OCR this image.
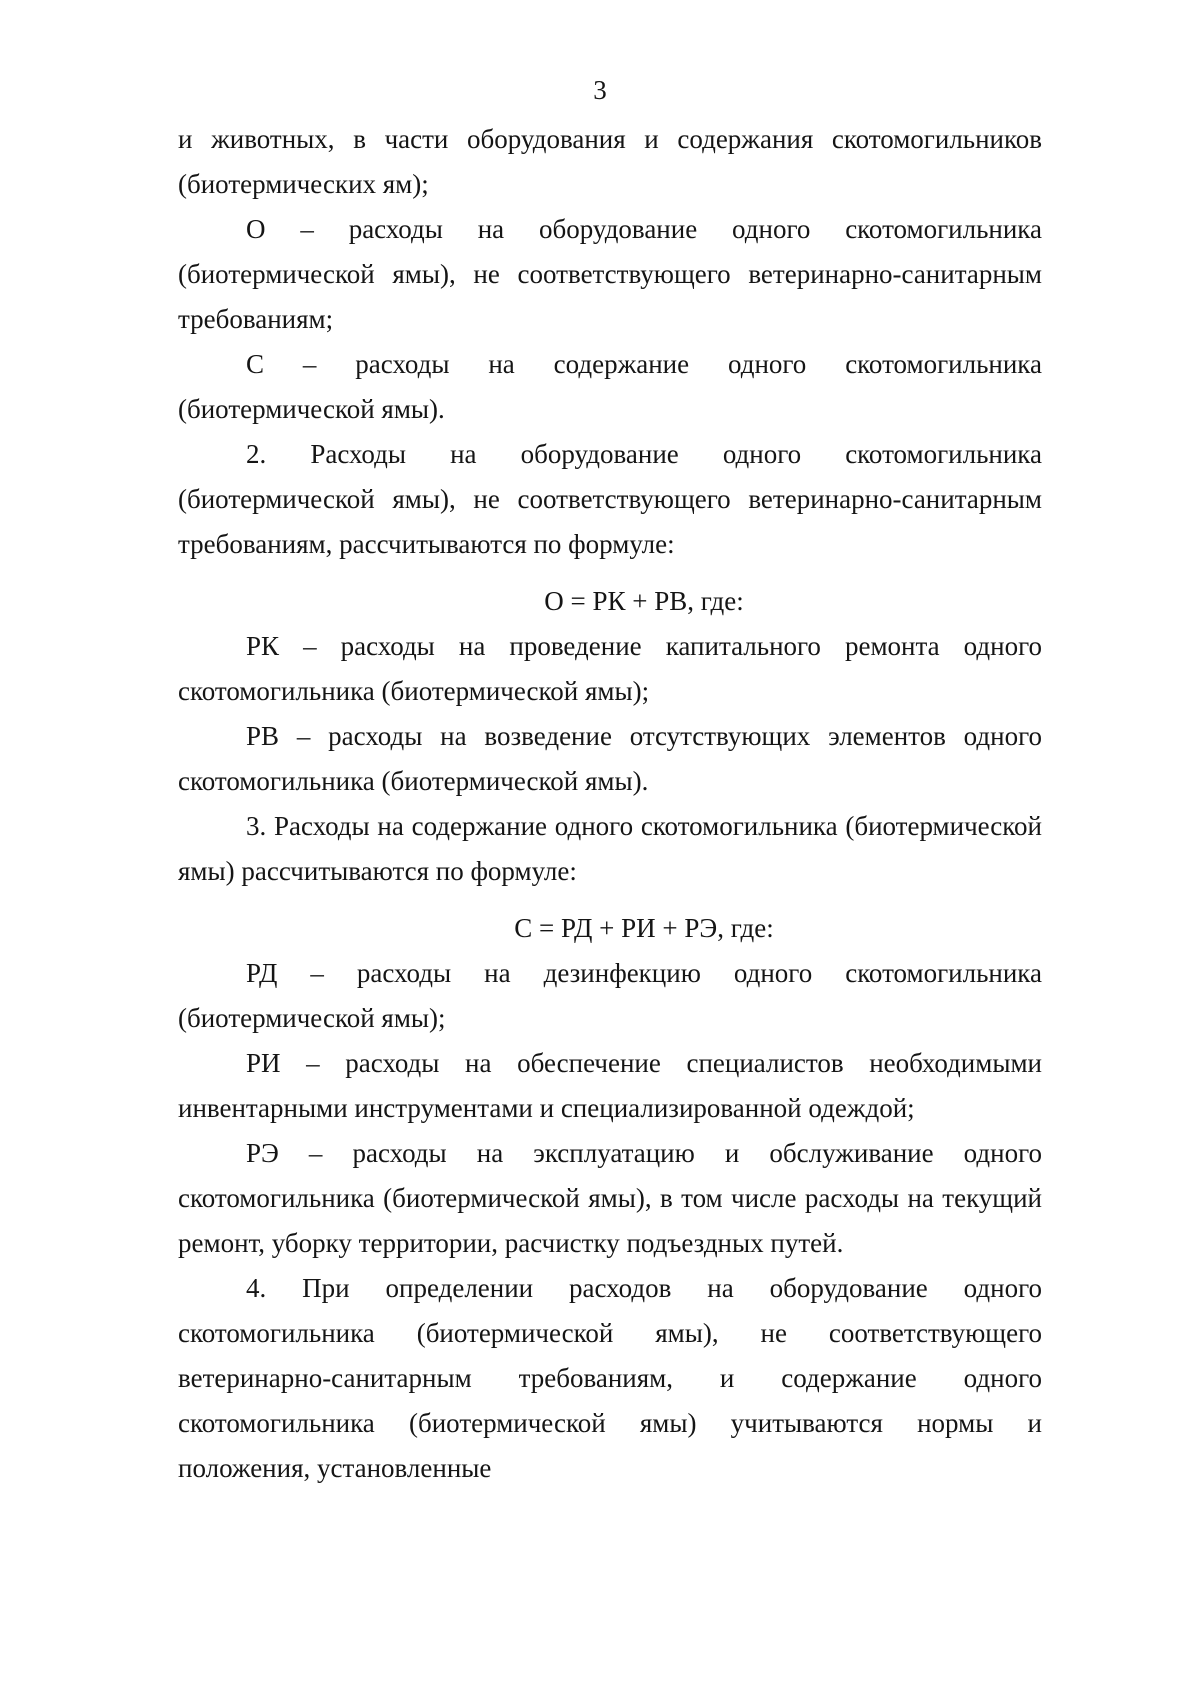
3

и животных, в части оборудования и содержания скотомогильников (биотермических ям);

О – расходы на оборудование одного скотомогильника (биотермической ямы), не соответствующего ветеринарно-санитарным требованиям;

С – расходы на содержание одного скотомогильника (биотермической ямы).

2. Расходы на оборудование одного скотомогильника (биотермической ямы), не соответствующего ветеринарно-санитарным требованиям, рассчитываются по формуле:

О = РК + РВ, где:

РК – расходы на проведение капитального ремонта одного скотомогильника (биотермической ямы);

РВ – расходы на возведение отсутствующих элементов одного скотомогильника (биотермической ямы).

3. Расходы на содержание одного скотомогильника (биотермической ямы) рассчитываются по формуле:

С = РД + РИ + РЭ, где:

РД – расходы на дезинфекцию одного скотомогильника (биотермической ямы);

РИ – расходы на обеспечение специалистов необходимыми инвентарными инструментами и специализированной одеждой;

РЭ – расходы на эксплуатацию и обслуживание одного скотомогильника (биотермической ямы), в том числе расходы на текущий ремонт, уборку территории, расчистку подъездных путей.

4. При определении расходов на оборудование одного скотомогильника (биотермической ямы), не соответствующего ветеринарно-санитарным требованиям, и содержание одного скотомогильника (биотермической ямы) учитываются нормы и положения, установленные
